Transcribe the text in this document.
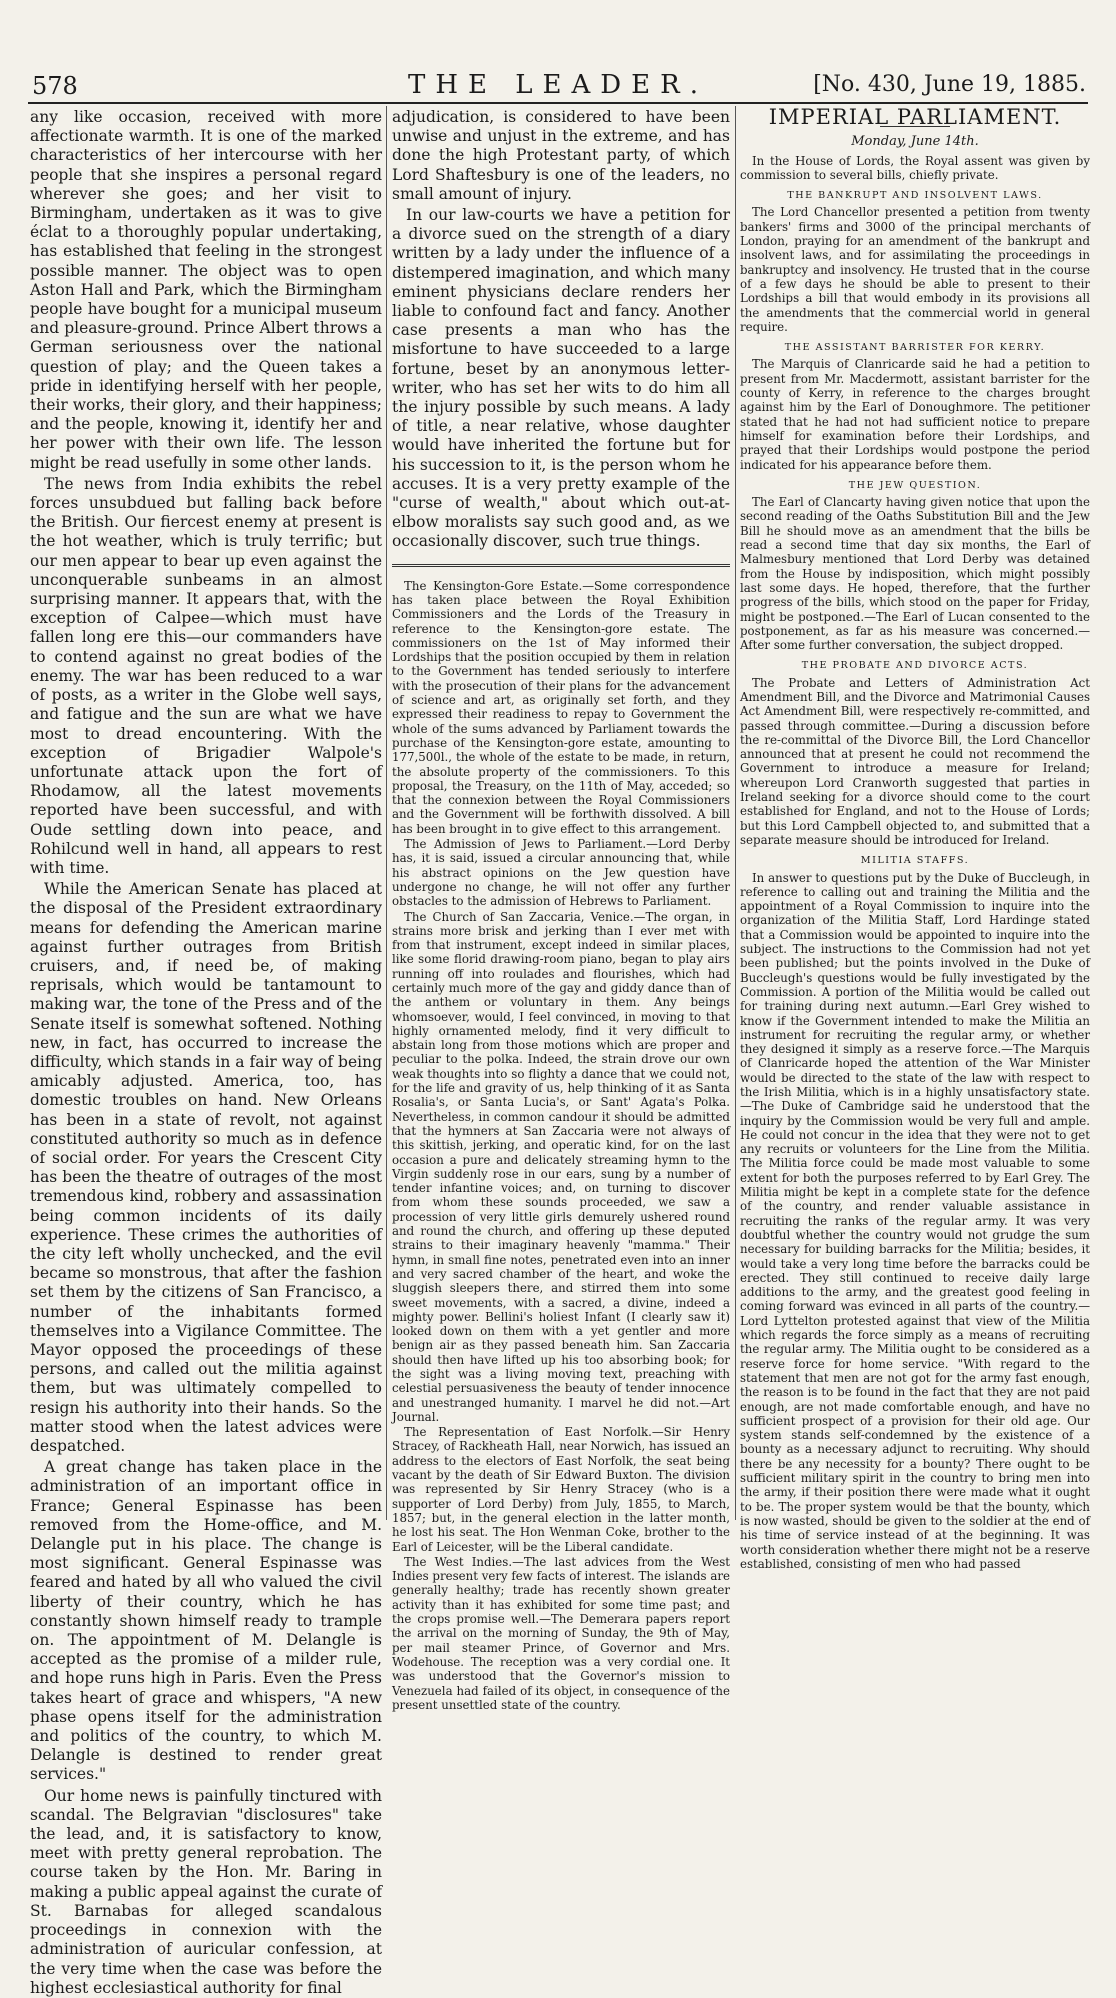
578	THE LEADER.	[No. 430, June 19, 1885.

any like occasion, received with more affectionate warmth. It is one of the marked characteristics of her intercourse with her people that she inspires a personal regard wherever she goes; and her visit to Birmingham, undertaken as it was to give éclat to a thoroughly popular undertaking, has established that feeling in the strongest possible manner. The object was to open Aston Hall and Park, which the Birmingham people have bought for a municipal museum and pleasure-ground. Prince Albert throws a German seriousness over the national question of play; and the Queen takes a pride in identifying herself with her people, their works, their glory, and their happiness; and the people, knowing it, identify her and her power with their own life. The lesson might be read usefully in some other lands.

The news from India exhibits the rebel forces unsubdued but falling back before the British. Our fiercest enemy at present is the hot weather, which is truly terrific; but our men appear to bear up even against the unconquerable sunbeams in an almost surprising manner. It appears that, with the exception of Calpee—which must have fallen long ere this—our commanders have to contend against no great bodies of the enemy. The war has been reduced to a war of posts, as a writer in the Globe well says, and fatigue and the sun are what we have most to dread encountering. With the exception of Brigadier Walpole's unfortunate attack upon the fort of Rhodamow, all the latest movements reported have been successful, and with Oude settling down into peace, and Rohilcund well in hand, all appears to rest with time.

While the American Senate has placed at the disposal of the President extraordinary means for defending the American marine against further outrages from British cruisers, and, if need be, of making reprisals, which would be tantamount to making war, the tone of the Press and of the Senate itself is somewhat softened. Nothing new, in fact, has occurred to increase the difficulty, which stands in a fair way of being amicably adjusted. America, too, has domestic troubles on hand. New Orleans has been in a state of revolt, not against constituted authority so much as in defence of social order. For years the Crescent City has been the theatre of outrages of the most tremendous kind, robbery and assassination being common incidents of its daily experience. These crimes the authorities of the city left wholly unchecked, and the evil became so monstrous, that after the fashion set them by the citizens of San Francisco, a number of the inhabitants formed themselves into a Vigilance Committee. The Mayor opposed the proceedings of these persons, and called out the militia against them, but was ultimately compelled to resign his authority into their hands. So the matter stood when the latest advices were despatched.

A great change has taken place in the administration of an important office in France; General Espinasse has been removed from the Home-office, and M. Delangle put in his place. The change is most significant. General Espinasse was feared and hated by all who valued the civil liberty of their country, which he has constantly shown himself ready to trample on. The appointment of M. Delangle is accepted as the promise of a milder rule, and hope runs high in Paris. Even the Press takes heart of grace and whispers, "A new phase opens itself for the administration and politics of the country, to which M. Delangle is destined to render great services."

Our home news is painfully tinctured with scandal. The Belgravian "disclosures" take the lead, and, it is satisfactory to know, meet with pretty general reprobation. The course taken by the Hon. Mr. Baring in making a public appeal against the curate of St. Barnabas for alleged scandalous proceedings in connexion with the administration of auricular confession, at the very time when the case was before the highest ecclesiastical authority for final

adjudication, is considered to have been unwise and unjust in the extreme, and has done the high Protestant party, of which Lord Shaftesbury is one of the leaders, no small amount of injury.

In our law-courts we have a petition for a divorce sued on the strength of a diary written by a lady under the influence of a distempered imagination, and which many eminent physicians declare renders her liable to confound fact and fancy. Another case presents a man who has the misfortune to have succeeded to a large fortune, beset by an anonymous letter-writer, who has set her wits to do him all the injury possible by such means. A lady of title, a near relative, whose daughter would have inherited the fortune but for his succession to it, is the person whom he accuses. It is a very pretty example of the "curse of wealth," about which out-at-elbow moralists say such good and, as we occasionally discover, such true things.

The Kensington-Gore Estate.—Some correspondence has taken place between the Royal Exhibition Commissioners and the Lords of the Treasury in reference to the Kensington-gore estate. The commissioners on the 1st of May informed their Lordships that the position occupied by them in relation to the Government has tended seriously to interfere with the prosecution of their plans for the advancement of science and art, as originally set forth, and they expressed their readiness to repay to Government the whole of the sums advanced by Parliament towards the purchase of the Kensington-gore estate, amounting to 177,500l., the whole of the estate to be made, in return, the absolute property of the commissioners. To this proposal, the Treasury, on the 11th of May, acceded; so that the connexion between the Royal Commissioners and the Government will be forthwith dissolved. A bill has been brought in to give effect to this arrangement.

The Admission of Jews to Parliament.—Lord Derby has, it is said, issued a circular announcing that, while his abstract opinions on the Jew question have undergone no change, he will not offer any further obstacles to the admission of Hebrews to Parliament.

The Church of San Zaccaria, Venice.—The organ, in strains more brisk and jerking than I ever met with from that instrument, except indeed in similar places, like some florid drawing-room piano, began to play airs running off into roulades and flourishes, which had certainly much more of the gay and giddy dance than of the anthem or voluntary in them. Any beings whomsoever, would, I feel convinced, in moving to that highly ornamented melody, find it very difficult to abstain long from those motions which are proper and peculiar to the polka. Indeed, the strain drove our own weak thoughts into so flighty a dance that we could not, for the life and gravity of us, help thinking of it as Santa Rosalia's, or Santa Lucia's, or Sant' Agata's Polka. Nevertheless, in common candour it should be admitted that the hymners at San Zaccaria were not always of this skittish, jerking, and operatic kind, for on the last occasion a pure and delicately streaming hymn to the Virgin suddenly rose in our ears, sung by a number of tender infantine voices; and, on turning to discover from whom these sounds proceeded, we saw a procession of very little girls demurely ushered round and round the church, and offering up these deputed strains to their imaginary heavenly "mamma." Their hymn, in small fine notes, penetrated even into an inner and very sacred chamber of the heart, and woke the sluggish sleepers there, and stirred them into some sweet movements, with a sacred, a divine, indeed a mighty power. Bellini's holiest Infant (I clearly saw it) looked down on them with a yet gentler and more benign air as they passed beneath him. San Zaccaria should then have lifted up his too absorbing book; for the sight was a living moving text, preaching with celestial persuasiveness the beauty of tender innocence and unestranged humanity. I marvel he did not.—Art Journal.

The Representation of East Norfolk.—Sir Henry Stracey, of Rackheath Hall, near Norwich, has issued an address to the electors of East Norfolk, the seat being vacant by the death of Sir Edward Buxton. The division was represented by Sir Henry Stracey (who is a supporter of Lord Derby) from July, 1855, to March, 1857; but, in the general election in the latter month, he lost his seat. The Hon Wenman Coke, brother to the Earl of Leicester, will be the Liberal candidate.

The West Indies.—The last advices from the West Indies present very few facts of interest. The islands are generally healthy; trade has recently shown greater activity than it has exhibited for some time past; and the crops promise well.—The Demerara papers report the arrival on the morning of Sunday, the 9th of May, per mail steamer Prince, of Governor and Mrs. Wodehouse. The reception was a very cordial one. It was understood that the Governor's mission to Venezuela had failed of its object, in consequence of the present unsettled state of the country.

IMPERIAL PARLIAMENT.
Monday, June 14th.

In the House of Lords, the Royal assent was given by commission to several bills, chiefly private.

THE BANKRUPT AND INSOLVENT LAWS.

The Lord Chancellor presented a petition from twenty bankers' firms and 3000 of the principal merchants of London, praying for an amendment of the bankrupt and insolvent laws, and for assimilating the proceedings in bankruptcy and insolvency. He trusted that in the course of a few days he should be able to present to their Lordships a bill that would embody in its provisions all the amendments that the commercial world in general require.

THE ASSISTANT BARRISTER FOR KERRY.

The Marquis of Clanricarde said he had a petition to present from Mr. Macdermott, assistant barrister for the county of Kerry, in reference to the charges brought against him by the Earl of Donoughmore. The petitioner stated that he had not had sufficient notice to prepare himself for examination before their Lordships, and prayed that their Lordships would postpone the period indicated for his appearance before them.

THE JEW QUESTION.

The Earl of Clancarty having given notice that upon the second reading of the Oaths Substitution Bill and the Jew Bill he should move as an amendment that the bills be read a second time that day six months, the Earl of Malmesbury mentioned that Lord Derby was detained from the House by indisposition, which might possibly last some days. He hoped, therefore, that the further progress of the bills, which stood on the paper for Friday, might be postponed.—The Earl of Lucan consented to the postponement, as far as his measure was concerned.—After some further conversation, the subject dropped.

THE PROBATE AND DIVORCE ACTS.

The Probate and Letters of Administration Act Amendment Bill, and the Divorce and Matrimonial Causes Act Amendment Bill, were respectively re-committed, and passed through committee.—During a discussion before the re-committal of the Divorce Bill, the Lord Chancellor announced that at present he could not recommend the Government to introduce a measure for Ireland; whereupon Lord Cranworth suggested that parties in Ireland seeking for a divorce should come to the court established for England, and not to the House of Lords; but this Lord Campbell objected to, and submitted that a separate measure should be introduced for Ireland.

MILITIA STAFFS.

In answer to questions put by the Duke of Buccleugh, in reference to calling out and training the Militia and the appointment of a Royal Commission to inquire into the organization of the Militia Staff, Lord Hardinge stated that a Commission would be appointed to inquire into the subject. The instructions to the Commission had not yet been published; but the points involved in the Duke of Buccleugh's questions would be fully investigated by the Commission. A portion of the Militia would be called out for training during next autumn.—Earl Grey wished to know if the Government intended to make the Militia an instrument for recruiting the regular army, or whether they designed it simply as a reserve force.—The Marquis of Clanricarde hoped the attention of the War Minister would be directed to the state of the law with respect to the Irish Militia, which is in a highly unsatisfactory state.—The Duke of Cambridge said he understood that the inquiry by the Commission would be very full and ample. He could not concur in the idea that they were not to get any recruits or volunteers for the Line from the Militia. The Militia force could be made most valuable to some extent for both the purposes referred to by Earl Grey. The Militia might be kept in a complete state for the defence of the country, and render valuable assistance in recruiting the ranks of the regular army. It was very doubtful whether the country would not grudge the sum necessary for building barracks for the Militia; besides, it would take a very long time before the barracks could be erected. They still continued to receive daily large additions to the army, and the greatest good feeling in coming forward was evinced in all parts of the country.—Lord Lyttelton protested against that view of the Militia which regards the force simply as a means of recruiting the regular army. The Militia ought to be considered as a reserve force for home service. "With regard to the statement that men are not got for the army fast enough, the reason is to be found in the fact that they are not paid enough, are not made comfortable enough, and have no sufficient prospect of a provision for their old age. Our system stands self-condemned by the existence of a bounty as a necessary adjunct to recruiting. Why should there be any necessity for a bounty? There ought to be sufficient military spirit in the country to bring men into the army, if their position there were made what it ought to be. The proper system would be that the bounty, which is now wasted, should be given to the soldier at the end of his time of service instead of at the beginning. It was worth consideration whether there might not be a reserve established, consisting of men who had passed
